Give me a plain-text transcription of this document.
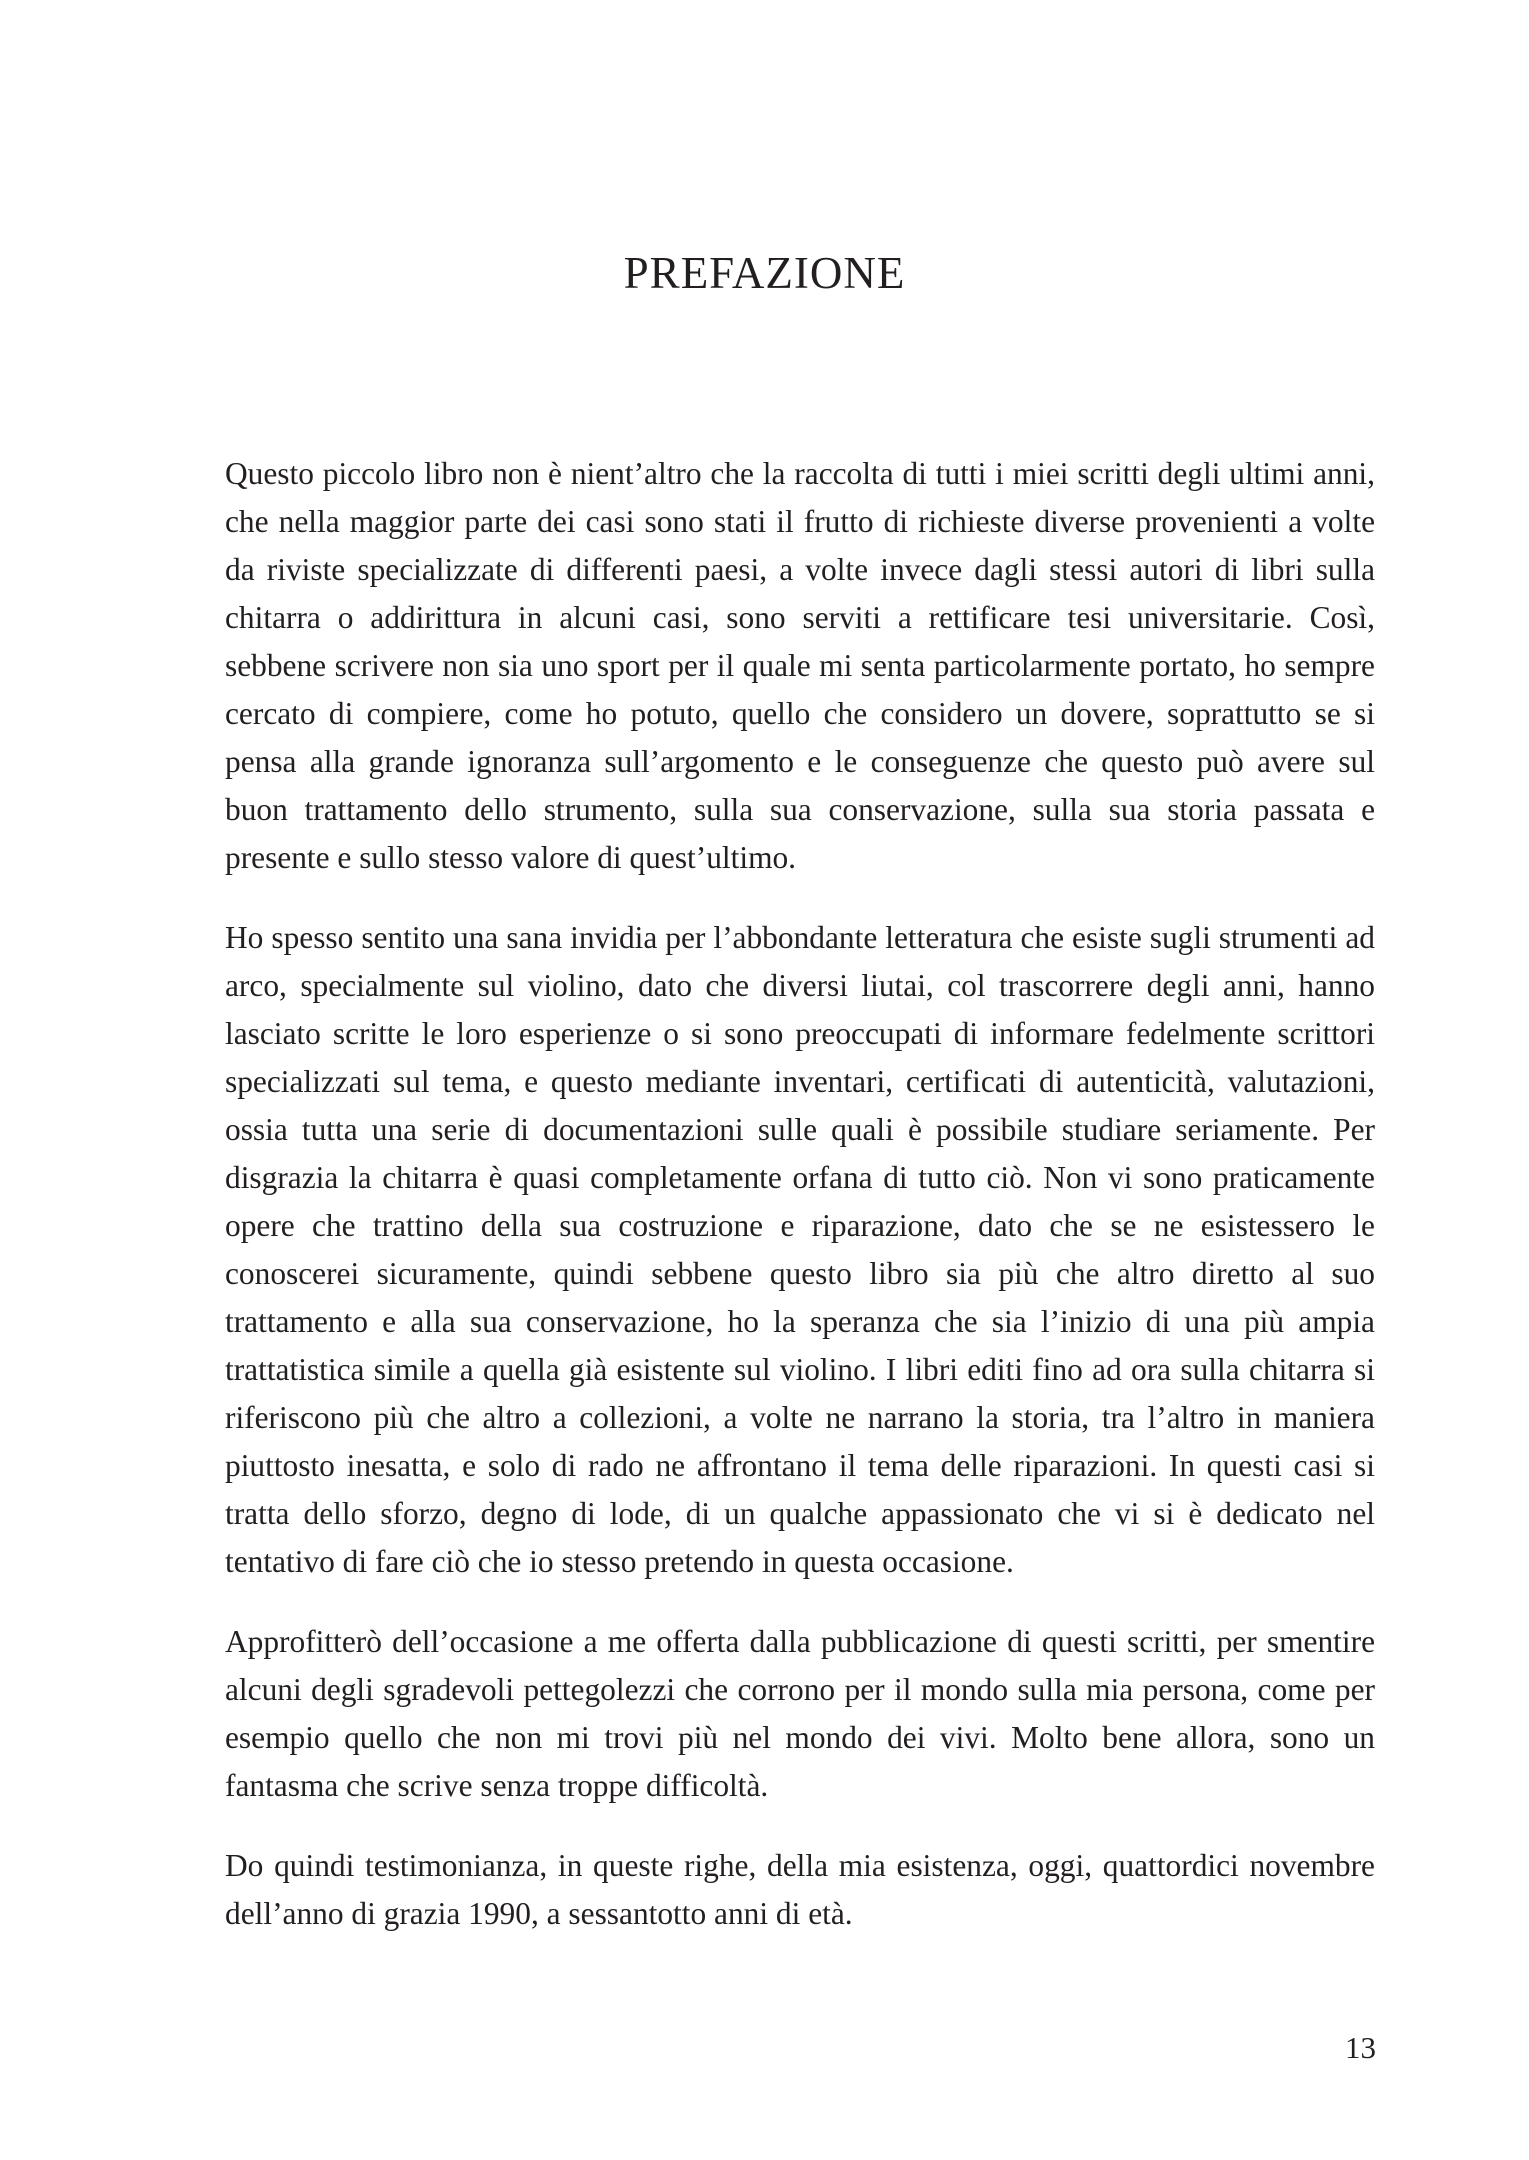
PREFAZIONE

Questo piccolo libro non è nient’altro che la raccolta di tutti i miei scritti degli ultimi anni, che nella maggior parte dei casi sono stati il frutto di richieste diverse provenienti a volte da riviste specializzate di differenti paesi, a volte invece dagli stessi autori di libri sulla chitarra o addirittura in alcuni casi, sono serviti a rettificare tesi universitarie. Così, sebbene scrivere non sia uno sport per il quale mi senta particolarmente portato, ho sempre cercato di compiere, come ho potuto, quello che considero un dovere, soprattutto se si pensa alla grande ignoranza sull’argomento e le conseguenze che questo può avere sul buon trattamento dello strumento, sulla sua conservazione, sulla sua storia passata e presente e sullo stesso valore di quest’ultimo.

Ho spesso sentito una sana invidia per l’abbondante letteratura che esiste sugli strumenti ad arco, specialmente sul violino, dato che diversi liutai, col trascorrere degli anni, hanno lasciato scritte le loro esperienze o si sono preoccupati di informare fedelmente scrittori specializzati sul tema, e questo mediante inventari, certificati di autenticità, valutazioni, ossia tutta una serie di documentazioni sulle quali è possibile studiare seriamente. Per disgrazia la chitarra è quasi completamente orfana di tutto ciò. Non vi sono praticamente opere che trattino della sua costruzione e riparazione, dato che se ne esistessero le conoscerei sicuramente, quindi sebbene questo libro sia più che altro diretto al suo trattamento e alla sua conservazione, ho la speranza che sia l’inizio di una più ampia trattatistica simile a quella già esistente sul violino. I libri editi fino ad ora sulla chitarra si riferiscono più che altro a collezioni, a volte ne narrano la storia, tra l’altro in maniera piuttosto inesatta, e solo di rado ne affrontano il tema delle riparazioni. In questi casi si tratta dello sforzo, degno di lode, di un qualche appassionato che vi si è dedicato nel tentativo di fare ciò che io stesso pretendo in questa occasione.

Approfitterò dell’occasione a me offerta dalla pubblicazione di questi scritti, per smentire alcuni degli sgradevoli pettegolezzi che corrono per il mondo sulla mia persona, come per esempio quello che non mi trovi più nel mondo dei vivi. Molto bene allora, sono un fantasma che scrive senza troppe difficoltà.

Do quindi testimonianza, in queste righe, della mia esistenza, oggi, quattordici novembre dell’anno di grazia 1990, a sessantotto anni di età.

13
